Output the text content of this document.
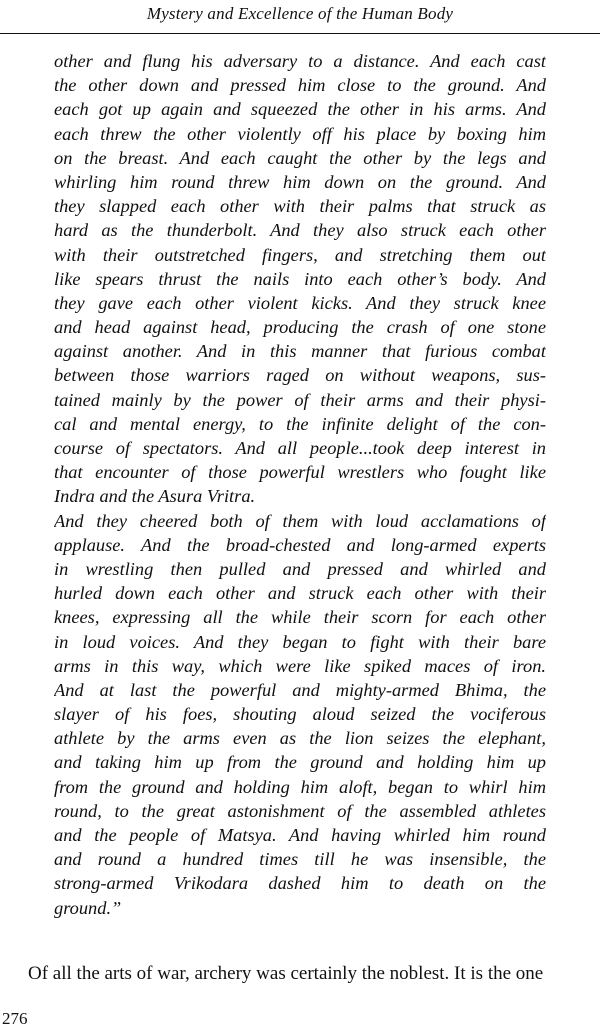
Mystery and Excellence of the Human Body
other and flung his adversary to a distance. And each cast
the other down and pressed him close to the ground. And
each got up again and squeezed the other in his arms. And
each threw the other violently off his place by boxing him
on the breast. And each caught the other by the legs and
whirling him round threw him down on the ground. And
they slapped each other with their palms that struck as
hard as the thunderbolt. And they also struck each other
with their outstretched fingers, and stretching them out
like spears thrust the nails into each other’s body. And
they gave each other violent kicks. And they struck knee
and head against head, producing the crash of one stone
against another. And in this manner that furious combat
between those warriors raged on without weapons, sus-
tained mainly by the power of their arms and their physi-
cal and mental energy, to the infinite delight of the con-
course of spectators. And all people...took deep interest in
that encounter of those powerful wrestlers who fought like
Indra and the Asura Vritra.
And they cheered both of them with loud acclamations of
applause. And the broad-chested and long-armed experts
in wrestling then pulled and pressed and whirled and
hurled down each other and struck each other with their
knees, expressing all the while their scorn for each other
in loud voices. And they began to fight with their bare
arms in this way, which were like spiked maces of iron.
And at last the powerful and mighty-armed Bhima, the
slayer of his foes, shouting aloud seized the vociferous
athlete by the arms even as the lion seizes the elephant,
and taking him up from the ground and holding him up
from the ground and holding him aloft, began to whirl him
round, to the great astonishment of the assembled athletes
and the people of Matsya. And having whirled him round
and round a hundred times till he was insensible, the
strong-armed Vrikodara dashed him to death on the
ground.”
Of all the arts of war, archery was certainly the noblest. It is the one
276
